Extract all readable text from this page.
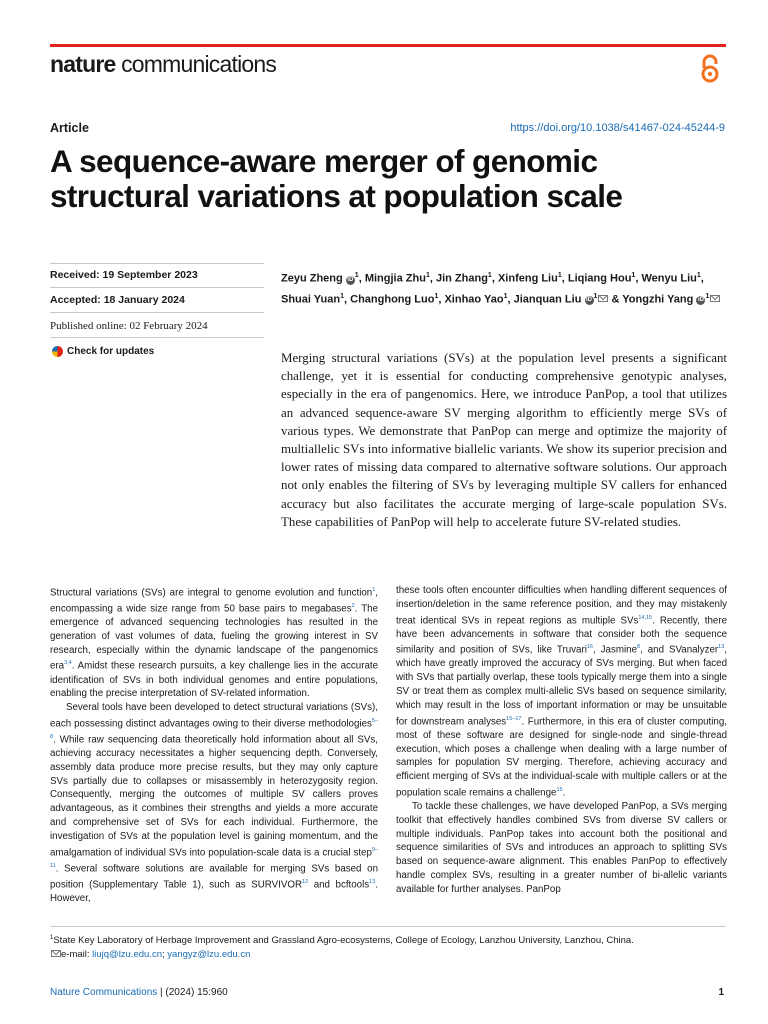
nature communications
Article	https://doi.org/10.1038/s41467-024-45244-9
A sequence-aware merger of genomic structural variations at population scale
Received: 19 September 2023
Accepted: 18 January 2024
Published online: 02 February 2024
Check for updates
Zeyu Zheng $iD^1$, Mingjia Zhu$^1$, Jin Zhang$^1$, Xinfeng Liu$^1$, Liqiang Hou$^1$, Wenyu Liu$^1$, Shuai Yuan$^1$, Changhong Luo$^1$, Xinhao Yao$^1$, Jianquan Liu $iD^1$ & Yongzhi Yang $iD^1$

Merging structural variations (SVs) at the population level presents a significant challenge, yet it is essential for conducting comprehensive genotypic analyses, especially in the era of pangenomics. Here, we introduce PanPop, a tool that utilizes an advanced sequence-aware SV merging algorithm to efficiently merge SVs of various types. We demonstrate that PanPop can merge and optimize the majority of multiallelic SVs into informative biallelic variants. We show its superior precision and lower rates of missing data compared to alternative software solutions. Our approach not only enables the filtering of SVs by leveraging multiple SV callers for enhanced accuracy but also facilitates the accurate merging of large-scale population SVs. These capabilities of PanPop will help to accelerate future SV-related studies.

Structural variations (SVs) are integral to genome evolution and function$^1$, encompassing a wide size range from 50 base pairs to megabases$^2$. The emergence of advanced sequencing technologies has resulted in the generation of vast volumes of data, fueling the growing interest in SV research, especially within the dynamic landscape of the pangenomics era$^{3,4}$. Amidst these research pursuits, a key challenge lies in the accurate identification of SVs in both individual genomes and entire populations, enabling the precise interpretation of SV-related information.

Several tools have been developed to detect structural variations (SVs), each possessing distinct advantages owing to their diverse methodologies$^{5-8}$. While raw sequencing data theoretically hold information about all SVs, achieving accuracy necessitates a higher sequencing depth. Conversely, assembly data produce more precise results, but they may only capture SVs partially due to collapses or misassembly in heterozygosity region. Consequently, merging the outcomes of multiple SV callers proves advantageous, as it combines their strengths and yields a more accurate and comprehensive set of SVs for each individual. Furthermore, the investigation of SVs at the population level is gaining momentum, and the amalgamation of individual SVs into population-scale data is a crucial step$^{9-11}$. Several software solutions are available for merging SVs based on position (Supplementary Table 1), such as SURVIVOR$^{12}$ and bcftools$^{13}$. However,

these tools often encounter difficulties when handling different sequences of insertion/deletion in the same reference position, and they may mistakenly treat identical SVs in repeat regions as multiple SVs$^{14,15}$. Recently, there have been advancements in software that consider both the sequence similarity and position of SVs, like Truvari$^{16}$, Jasmine$^8$, and SVanalyzer$^{13}$, which have greatly improved the accuracy of SVs merging. But when faced with SVs that partially overlap, these tools typically merge them into a single SV or treat them as complex multi-allelic SVs based on sequence similarity, which may result in the loss of important information or may be unsuitable for downstream analyses$^{15-17}$. Furthermore, in this era of cluster computing, most of these software are designed for single-node and single-thread execution, which poses a challenge when dealing with a large number of samples for population SV merging. Therefore, achieving accuracy and efficient merging of SVs at the individual-scale with multiple callers or at the population scale remains a challenge$^{15}$.

To tackle these challenges, we have developed PanPop, a SVs merging toolkit that effectively handles combined SVs from diverse SV callers or multiple individuals. PanPop takes into account both the positional and sequence similarities of SVs and introduces an approach to splitting SVs based on sequence-aware alignment. This enables PanPop to effectively handle complex SVs, resulting in a greater number of bi-allelic variants available for further analyses. PanPop

$^1$State Key Laboratory of Herbage Improvement and Grassland Agro-ecosystems, College of Ecology, Lanzhou University, Lanzhou, China.
e-mail: liujq@lzu.edu.cn; yangyz@lzu.edu.cn
Nature Communications | (2024) 15:960	1
